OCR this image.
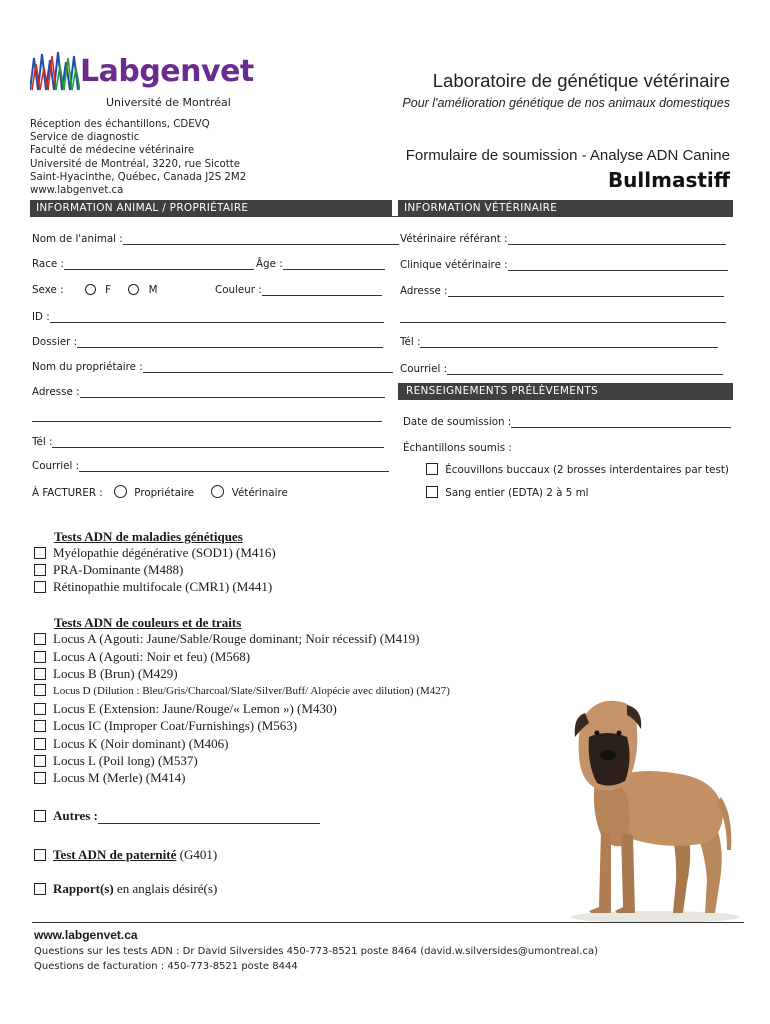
Labgenvet
Université de Montréal
Laboratoire de génétique vétérinaire
Pour l'amélioration génétique de nos animaux domestiques
Réception des échantillons, CDEVQ
Service de diagnostic
Faculté de médecine vétérinaire
Université de Montréal, 3220, rue Sicotte
Saint-Hyacinthe, Québec, Canada J2S 2M2
www.labgenvet.ca
Formulaire de soumission - Analyse ADN Canine
Bullmastiff
INFORMATION ANIMAL / PROPRIÉTAIRE	INFORMATION VÉTÉRINAIRE
Nom de l'animal :
Race :	Âge :
Sexe :	F	M	Couleur :
ID :
Dossier :
Nom du propriétaire :
Adresse :
Tél :
Courriel :
À FACTURER :	Propriétaire	Vétérinaire
Vétérinaire référant :
Clinique vétérinaire :
Adresse :
Tél :
Courriel :
RENSEIGNEMENTS PRÉLÈVEMENTS
Date de soumission :
Échantillons soumis :
Écouvillons buccaux (2 brosses interdentaires par test)
Sang entier (EDTA) 2 à 5 ml
Tests ADN de maladies génétiques
Myélopathie dégénérative (SOD1) (M416)
PRA-Dominante (M488)
Rétinopathie multifocale (CMR1) (M441)
Tests ADN de couleurs et de traits
Locus A (Agouti: Jaune/Sable/Rouge dominant; Noir récessif) (M419)
Locus A (Agouti: Noir et feu) (M568)
Locus B (Brun) (M429)
Locus D (Dilution : Bleu/Gris/Charcoal/Slate/Silver/Buff/ Alopécie avec dilution) (M427)
Locus E (Extension: Jaune/Rouge/« Lemon ») (M430)
Locus IC (Improper Coat/Furnishings) (M563)
Locus K (Noir dominant) (M406)
Locus L (Poil long) (M537)
Locus M (Merle) (M414)
Autres :
Test ADN de paternité (G401)
Rapport(s) en anglais désiré(s)
www.labgenvet.ca
Questions sur les tests ADN : Dr David Silversides 450-773-8521 poste 8464 (david.w.silversides@umontreal.ca)
Questions de facturation : 450-773-8521 poste 8444
